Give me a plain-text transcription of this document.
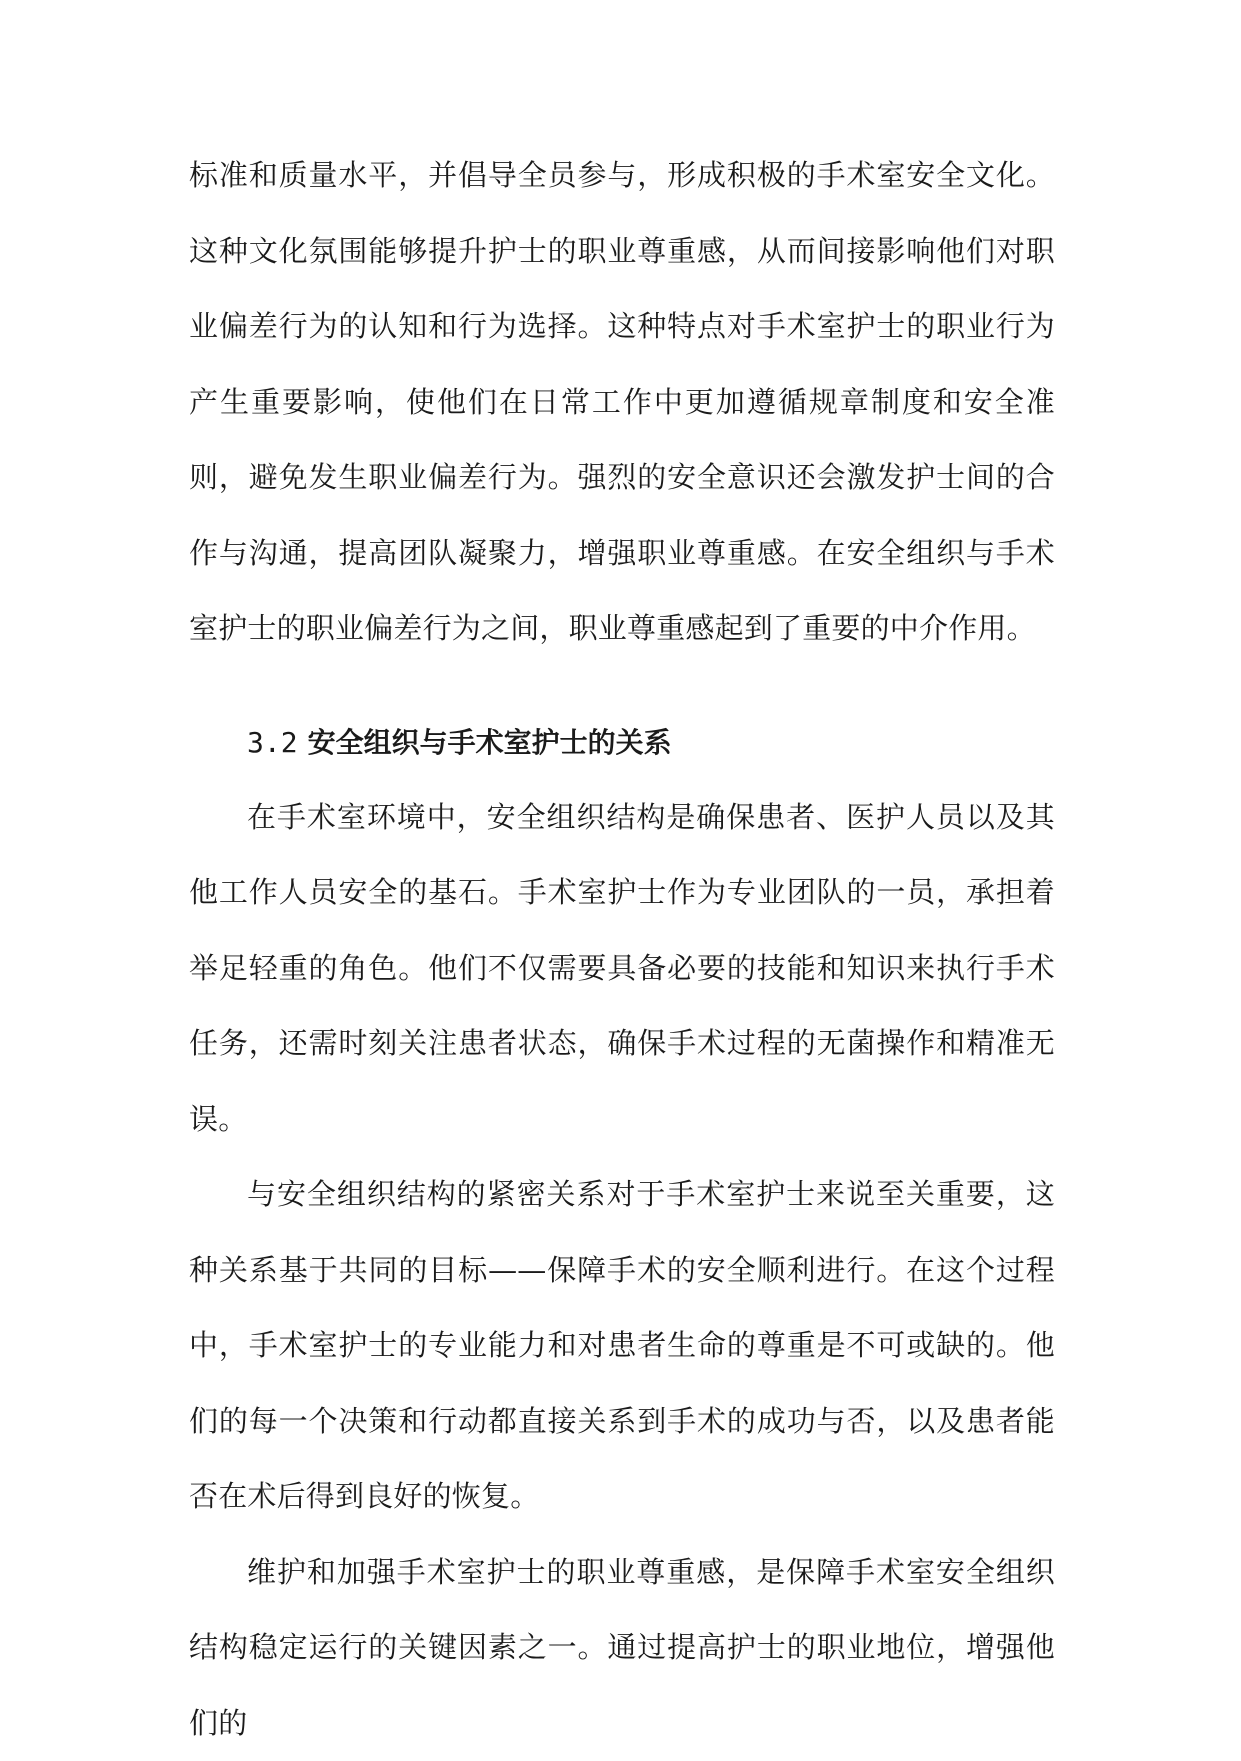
标准和质量水平，并倡导全员参与，形成积极的手术室安全文化。这种文化氛围能够提升护士的职业尊重感，从而间接影响他们对职业偏差行为的认知和行为选择。这种特点对手术室护士的职业行为产生重要影响，使他们在日常工作中更加遵循规章制度和安全准则，避免发生职业偏差行为。强烈的安全意识还会激发护士间的合作与沟通，提高团队凝聚力，增强职业尊重感。在安全组织与手术室护士的职业偏差行为之间，职业尊重感起到了重要的中介作用。

3.2 安全组织与手术室护士的关系

在手术室环境中，安全组织结构是确保患者、医护人员以及其他工作人员安全的基石。手术室护士作为专业团队的一员，承担着举足轻重的角色。他们不仅需要具备必要的技能和知识来执行手术任务，还需时刻关注患者状态，确保手术过程的无菌操作和精准无误。

与安全组织结构的紧密关系对于手术室护士来说至关重要，这种关系基于共同的目标——保障手术的安全顺利进行。在这个过程中，手术室护士的专业能力和对患者生命的尊重是不可或缺的。他们的每一个决策和行动都直接关系到手术的成功与否，以及患者能否在术后得到良好的恢复。

维护和加强手术室护士的职业尊重感，是保障手术室安全组织结构稳定运行的关键因素之一。通过提高护士的职业地位，增强他们的
